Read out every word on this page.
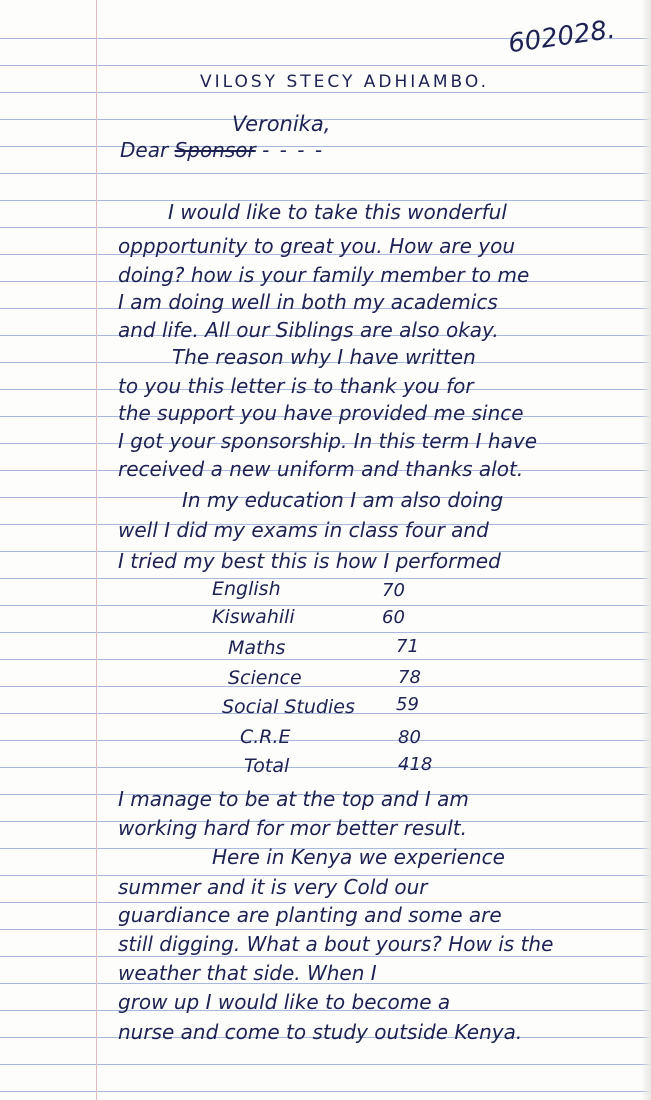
602028.
VILOSY STECY ADHIAMBO.
Veronika,
Dear Sponsor - - - -
I would like to take this wonderful
oppportunity to great you. How are you
doing? how is your family member to me
I am doing well in both my academics
and life. All our Siblings are also okay.
The reason why I have written
to you this letter is to thank you for
the support you have provided me since
I got your sponsorship. In this term I have
received a new uniform and thanks alot.
In my education I am also doing
well I did my exams in class four and
I tried my best this is how I performed
English	70
Kiswahili	60
Maths	71
Science	78
Social Studies 59
C.R.E	80
Total	418
I manage to be at the top and I am
working hard for mor better result.
Here in Kenya we experience
summer and it is very Cold our
guardiance are planting and some are
still digging. What a bout yours? How is the
weather that side. When I
grow up I would like to become a
nurse and come to study outside Kenya.
